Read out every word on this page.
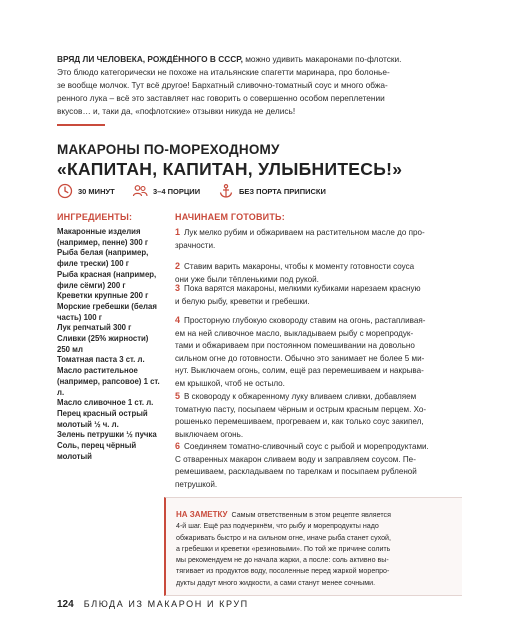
ВРЯД ЛИ ЧЕЛОВЕКА, РОЖДЁННОГО В СССР, можно удивить макаронами по-флотски.
Это блюдо категорически не похоже на итальянские спагетти маринара, про болонье-
зе вообще молчок. Тут всё другое! Бархатный сливочно-томатный соус и много обжа-
ренного лука – всё это заставляет нас говорить о совершенно особом переплетении
вкусов… и, таки да, «пофлотские» отзывки никуда не делись!

МАКАРОНЫ ПО-МОРЕХОДНОМУ
«КАПИТАН, КАПИТАН, УЛЫБНИТЕСЬ!»
30 МИНУТ	3–4 ПОРЦИИ	БЕЗ ПОРТА ПРИПИСКИ
ИНГРЕДИЕНТЫ:
Макаронные изделия
(например, пенне) 300 г
Рыба белая (например,
филе трески) 100 г
Рыба красная (например,
филе сёмги) 200 г
Креветки крупные 200 г
Морские гребешки (белая
часть) 100 г
Лук репчатый 300 г
Сливки (25% жирности)
250 мл
Томатная паста 3 ст. л.
Масло растительное
(например, рапсовое) 1 ст. л.
Масло сливочное 1 ст. л.
Перец красный острый
молотый ½ ч. л.
Зелень петрушки ½ пучка
Соль, перец чёрный
молотый
НАЧИНАЕМ ГОТОВИТЬ:
1 Лук мелко рубим и обжариваем на растительном масле до про-
зрачности.
2 Ставим варить макароны, чтобы к моменту готовности соуса
они уже были тёпленькими под рукой.
3 Пока варятся макароны, мелкими кубиками нарезаем красную
и белую рыбу, креветки и гребешки.
4 Просторную глубокую сковороду ставим на огонь, растапливая-
ем на ней сливочное масло, выкладываем рыбу с морепродук-
тами и обжариваем при постоянном помешивании на довольно
сильном огне до готовности. Обычно это занимает не более 5 ми-
нут. Выключаем огонь, солим, ещё раз перемешиваем и накрыва-
ем крышкой, чтоб не остыло.
5 В сковороду к обжаренному луку вливаем сливки, добавляем
томатную пасту, посыпаем чёрным и острым красным перцем. Хо-
рошенько перемешиваем, прогреваем и, как только соус закипел,
выключаем огонь.
6 Соединяем томатно-сливочный соус с рыбой и морепродуктами.
С отваренных макарон сливаем воду и заправляем соусом. Пе-
ремешиваем, раскладываем по тарелкам и посыпаем рубленой
петрушкой.

НА ЗАМЕТКУ Самым ответственным в этом рецепте является
4-й шаг. Ещё раз подчеркнём, что рыбу и морепродукты надо
обжаривать быстро и на сильном огне, иначе рыба станет сухой,
а гребешки и креветки «резиновыми». По той же причине солить
мы рекомендуем не до начала жарки, а после: соль активно вы-
тягивает из продуктов воду, посоленные перед жаркой морепро-
дукты дадут много жидкости, а сами станут менее сочными.

124 БЛЮДА ИЗ МАКАРОН И КРУП
